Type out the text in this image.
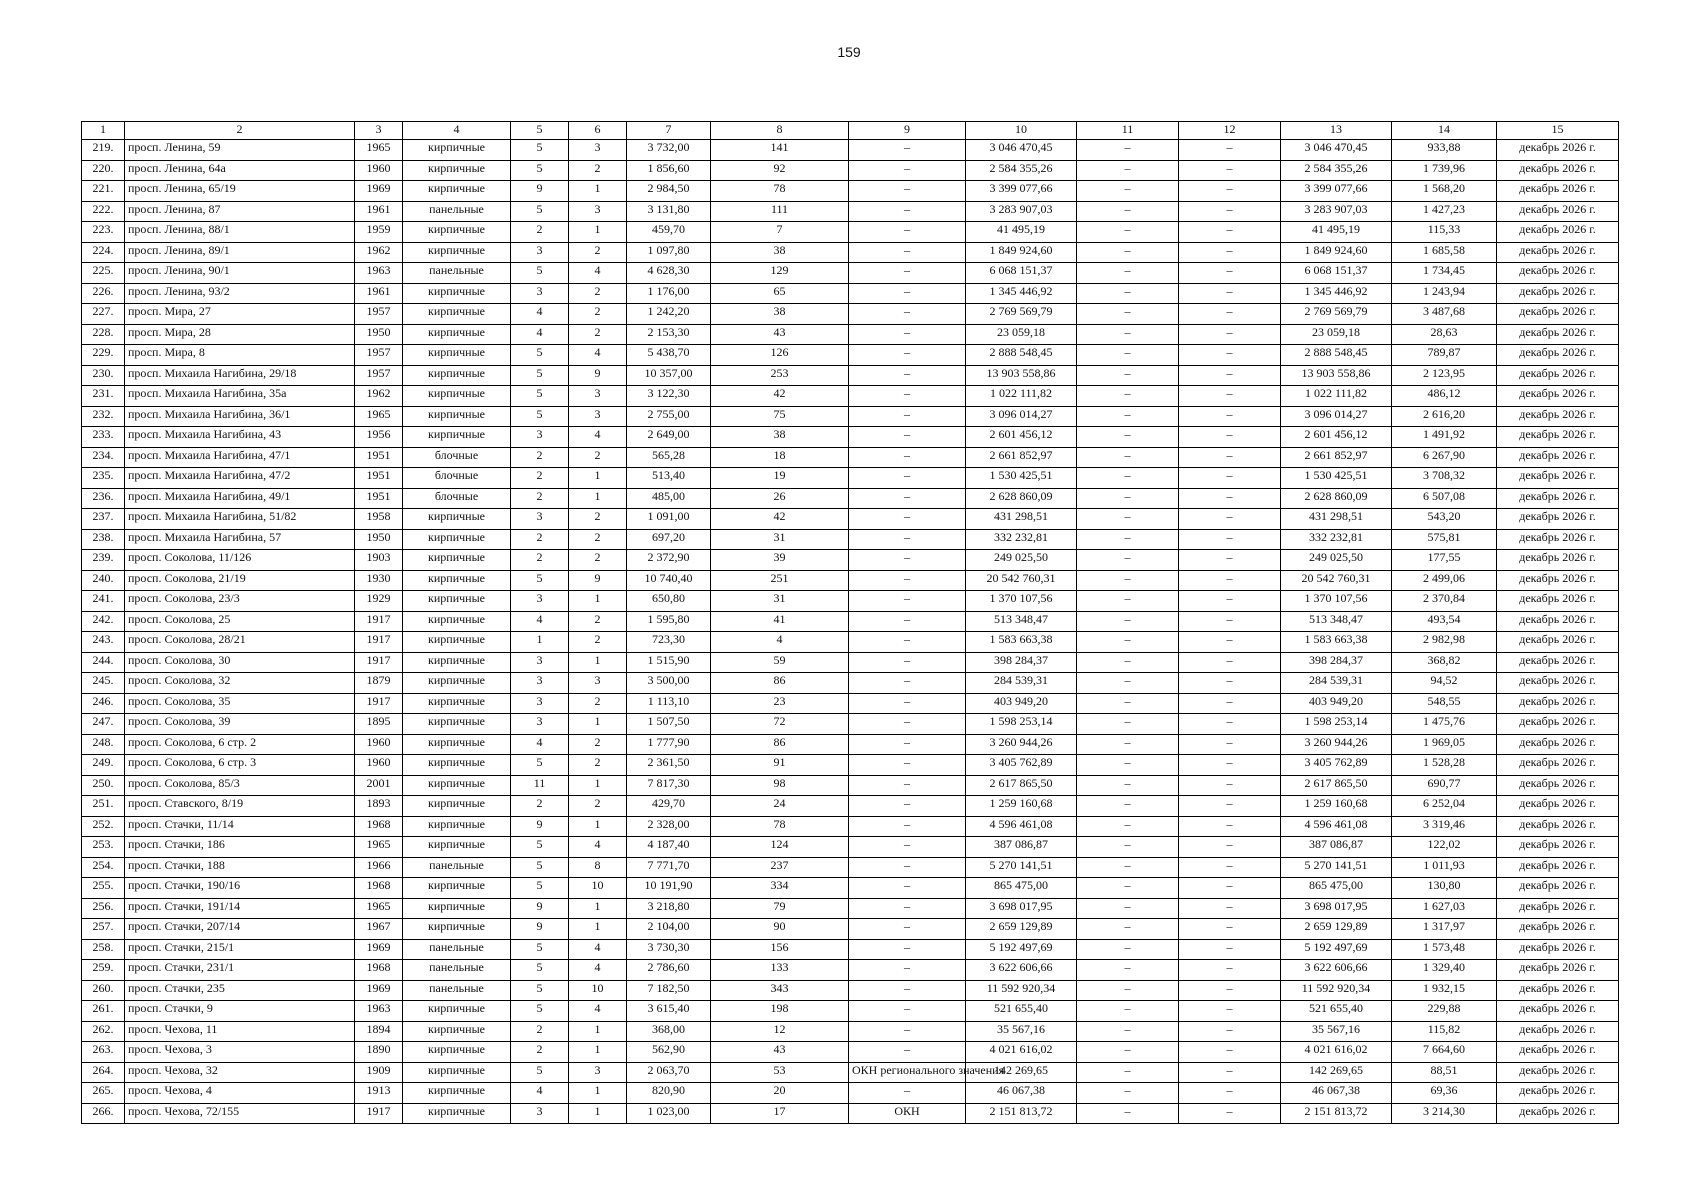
159
1	2	3	4	5	6	7	8	9	10	11	12	13	14	15
219.	просп. Ленина, 59	1965	кирпичные	5	3	3 732,00	141	–	3 046 470,45	–	–	3 046 470,45	933,88	декабрь 2026 г.
220.	просп. Ленина, 64а	1960	кирпичные	5	2	1 856,60	92	–	2 584 355,26	–	–	2 584 355,26	1 739,96	декабрь 2026 г.
221.	просп. Ленина, 65/19	1969	кирпичные	9	1	2 984,50	78	–	3 399 077,66	–	–	3 399 077,66	1 568,20	декабрь 2026 г.
222.	просп. Ленина, 87	1961	панельные	5	3	3 131,80	111	–	3 283 907,03	–	–	3 283 907,03	1 427,23	декабрь 2026 г.
223.	просп. Ленина, 88/1	1959	кирпичные	2	1	459,70	7	–	41 495,19	–	–	41 495,19	115,33	декабрь 2026 г.
224.	просп. Ленина, 89/1	1962	кирпичные	3	2	1 097,80	38	–	1 849 924,60	–	–	1 849 924,60	1 685,58	декабрь 2026 г.
225.	просп. Ленина, 90/1	1963	панельные	5	4	4 628,30	129	–	6 068 151,37	–	–	6 068 151,37	1 734,45	декабрь 2026 г.
226.	просп. Ленина, 93/2	1961	кирпичные	3	2	1 176,00	65	–	1 345 446,92	–	–	1 345 446,92	1 243,94	декабрь 2026 г.
227.	просп. Мира, 27	1957	кирпичные	4	2	1 242,20	38	–	2 769 569,79	–	–	2 769 569,79	3 487,68	декабрь 2026 г.
228.	просп. Мира, 28	1950	кирпичные	4	2	2 153,30	43	–	23 059,18	–	–	23 059,18	28,63	декабрь 2026 г.
229.	просп. Мира, 8	1957	кирпичные	5	4	5 438,70	126	–	2 888 548,45	–	–	2 888 548,45	789,87	декабрь 2026 г.
230.	просп. Михаила Нагибина, 29/18	1957	кирпичные	5	9	10 357,00	253	–	13 903 558,86	–	–	13 903 558,86	2 123,95	декабрь 2026 г.
231.	просп. Михаила Нагибина, 35а	1962	кирпичные	5	3	3 122,30	42	–	1 022 111,82	–	–	1 022 111,82	486,12	декабрь 2026 г.
232.	просп. Михаила Нагибина, 36/1	1965	кирпичные	5	3	2 755,00	75	–	3 096 014,27	–	–	3 096 014,27	2 616,20	декабрь 2026 г.
233.	просп. Михаила Нагибина, 43	1956	кирпичные	3	4	2 649,00	38	–	2 601 456,12	–	–	2 601 456,12	1 491,92	декабрь 2026 г.
234.	просп. Михаила Нагибина, 47/1	1951	блочные	2	2	565,28	18	–	2 661 852,97	–	–	2 661 852,97	6 267,90	декабрь 2026 г.
235.	просп. Михаила Нагибина, 47/2	1951	блочные	2	1	513,40	19	–	1 530 425,51	–	–	1 530 425,51	3 708,32	декабрь 2026 г.
236.	просп. Михаила Нагибина, 49/1	1951	блочные	2	1	485,00	26	–	2 628 860,09	–	–	2 628 860,09	6 507,08	декабрь 2026 г.
237.	просп. Михаила Нагибина, 51/82	1958	кирпичные	3	2	1 091,00	42	–	431 298,51	–	–	431 298,51	543,20	декабрь 2026 г.
238.	просп. Михаила Нагибина, 57	1950	кирпичные	2	2	697,20	31	–	332 232,81	–	–	332 232,81	575,81	декабрь 2026 г.
239.	просп. Соколова, 11/126	1903	кирпичные	2	2	2 372,90	39	–	249 025,50	–	–	249 025,50	177,55	декабрь 2026 г.
240.	просп. Соколова, 21/19	1930	кирпичные	5	9	10 740,40	251	–	20 542 760,31	–	–	20 542 760,31	2 499,06	декабрь 2026 г.
241.	просп. Соколова, 23/3	1929	кирпичные	3	1	650,80	31	–	1 370 107,56	–	–	1 370 107,56	2 370,84	декабрь 2026 г.
242.	просп. Соколова, 25	1917	кирпичные	4	2	1 595,80	41	–	513 348,47	–	–	513 348,47	493,54	декабрь 2026 г.
243.	просп. Соколова, 28/21	1917	кирпичные	1	2	723,30	4	–	1 583 663,38	–	–	1 583 663,38	2 982,98	декабрь 2026 г.
244.	просп. Соколова, 30	1917	кирпичные	3	1	1 515,90	59	–	398 284,37	–	–	398 284,37	368,82	декабрь 2026 г.
245.	просп. Соколова, 32	1879	кирпичные	3	3	3 500,00	86	–	284 539,31	–	–	284 539,31	94,52	декабрь 2026 г.
246.	просп. Соколова, 35	1917	кирпичные	3	2	1 113,10	23	–	403 949,20	–	–	403 949,20	548,55	декабрь 2026 г.
247.	просп. Соколова, 39	1895	кирпичные	3	1	1 507,50	72	–	1 598 253,14	–	–	1 598 253,14	1 475,76	декабрь 2026 г.
248.	просп. Соколова, 6 стр. 2	1960	кирпичные	4	2	1 777,90	86	–	3 260 944,26	–	–	3 260 944,26	1 969,05	декабрь 2026 г.
249.	просп. Соколова, 6 стр. 3	1960	кирпичные	5	2	2 361,50	91	–	3 405 762,89	–	–	3 405 762,89	1 528,28	декабрь 2026 г.
250.	просп. Соколова, 85/3	2001	кирпичные	11	1	7 817,30	98	–	2 617 865,50	–	–	2 617 865,50	690,77	декабрь 2026 г.
251.	просп. Ставского, 8/19	1893	кирпичные	2	2	429,70	24	–	1 259 160,68	–	–	1 259 160,68	6 252,04	декабрь 2026 г.
252.	просп. Стачки, 11/14	1968	кирпичные	9	1	2 328,00	78	–	4 596 461,08	–	–	4 596 461,08	3 319,46	декабрь 2026 г.
253.	просп. Стачки, 186	1965	кирпичные	5	4	4 187,40	124	–	387 086,87	–	–	387 086,87	122,02	декабрь 2026 г.
254.	просп. Стачки, 188	1966	панельные	5	8	7 771,70	237	–	5 270 141,51	–	–	5 270 141,51	1 011,93	декабрь 2026 г.
255.	просп. Стачки, 190/16	1968	кирпичные	5	10	10 191,90	334	–	865 475,00	–	–	865 475,00	130,80	декабрь 2026 г.
256.	просп. Стачки, 191/14	1965	кирпичные	9	1	3 218,80	79	–	3 698 017,95	–	–	3 698 017,95	1 627,03	декабрь 2026 г.
257.	просп. Стачки, 207/14	1967	кирпичные	9	1	2 104,00	90	–	2 659 129,89	–	–	2 659 129,89	1 317,97	декабрь 2026 г.
258.	просп. Стачки, 215/1	1969	панельные	5	4	3 730,30	156	–	5 192 497,69	–	–	5 192 497,69	1 573,48	декабрь 2026 г.
259.	просп. Стачки, 231/1	1968	панельные	5	4	2 786,60	133	–	3 622 606,66	–	–	3 622 606,66	1 329,40	декабрь 2026 г.
260.	просп. Стачки, 235	1969	панельные	5	10	7 182,50	343	–	11 592 920,34	–	–	11 592 920,34	1 932,15	декабрь 2026 г.
261.	просп. Стачки, 9	1963	кирпичные	5	4	3 615,40	198	–	521 655,40	–	–	521 655,40	229,88	декабрь 2026 г.
262.	просп. Чехова, 11	1894	кирпичные	2	1	368,00	12	–	35 567,16	–	–	35 567,16	115,82	декабрь 2026 г.
263.	просп. Чехова, 3	1890	кирпичные	2	1	562,90	43	–	4 021 616,02	–	–	4 021 616,02	7 664,60	декабрь 2026 г.
264.	просп. Чехова, 32	1909	кирпичные	5	3	2 063,70	53	ОКН регионального значения	142 269,65	–	–	142 269,65	88,51	декабрь 2026 г.
265.	просп. Чехова, 4	1913	кирпичные	4	1	820,90	20	–	46 067,38	–	–	46 067,38	69,36	декабрь 2026 г.
266.	просп. Чехова, 72/155	1917	кирпичные	3	1	1 023,00	17	ОКН	2 151 813,72	–	–	2 151 813,72	3 214,30	декабрь 2026 г.
